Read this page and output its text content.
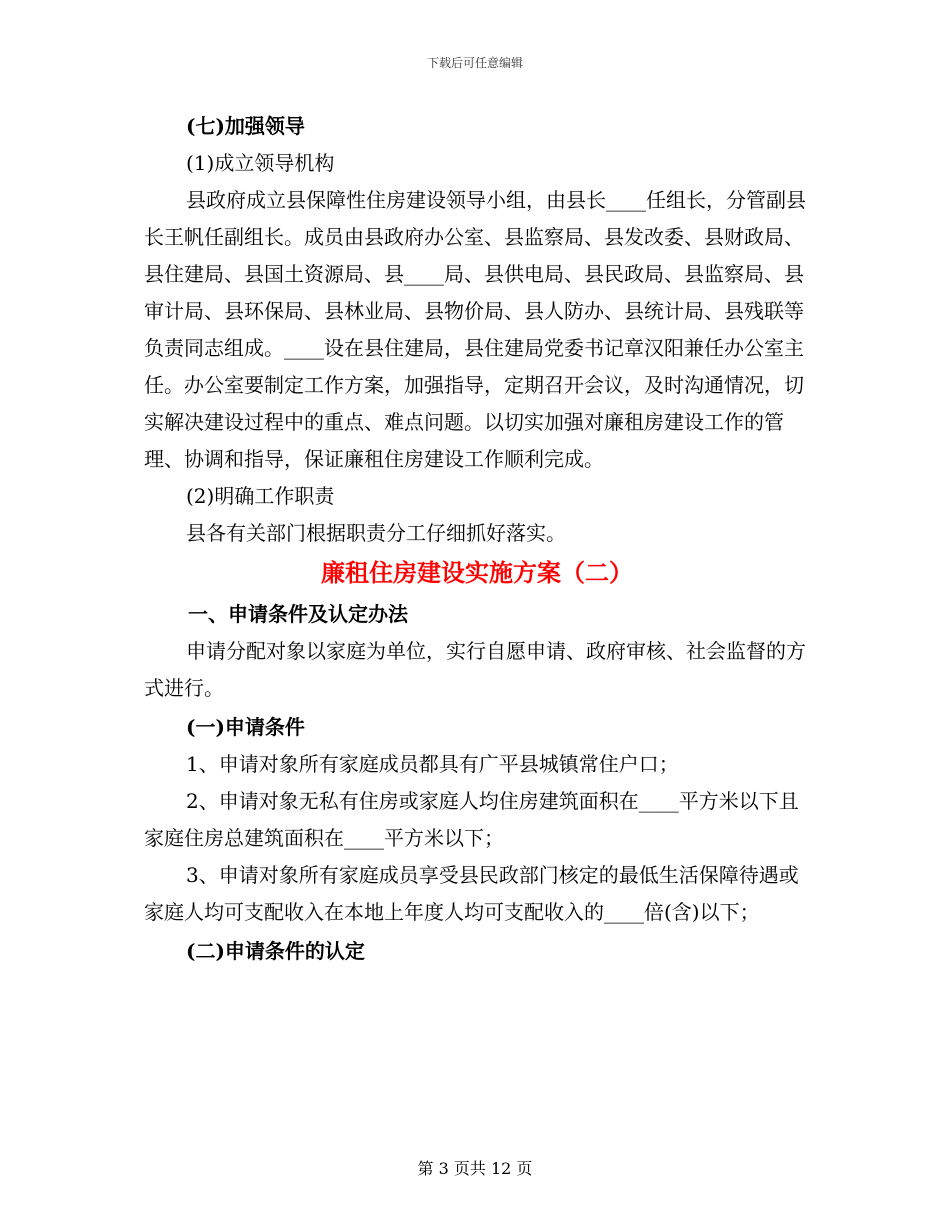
下载后可任意编辑

(七)加强领导

(1)成立领导机构

县政府成立县保障性住房建设领导小组，由县长____任组长，分管副县长王帆任副组长。成员由县政府办公室、县监察局、县发改委、县财政局、县住建局、县国土资源局、县____局、县供电局、县民政局、县监察局、县审计局、县环保局、县林业局、县物价局、县人防办、县统计局、县残联等负责同志组成。____设在县住建局，县住建局党委书记章汉阳兼任办公室主任。办公室要制定工作方案，加强指导，定期召开会议，及时沟通情况，切实解决建设过程中的重点、难点问题。以切实加强对廉租房建设工作的管理、协调和指导，保证廉租住房建设工作顺利完成。

(2)明确工作职责

县各有关部门根据职责分工仔细抓好落实。

廉租住房建设实施方案（二）

一、申请条件及认定办法

申请分配对象以家庭为单位，实行自愿申请、政府审核、社会监督的方式进行。

(一)申请条件

1、申请对象所有家庭成员都具有广平县城镇常住户口；

2、申请对象无私有住房或家庭人均住房建筑面积在____平方米以下且家庭住房总建筑面积在____平方米以下；

3、申请对象所有家庭成员享受县民政部门核定的最低生活保障待遇或家庭人均可支配收入在本地上年度人均可支配收入的____倍(含)以下；

(二)申请条件的认定

第 3 页共 12 页
